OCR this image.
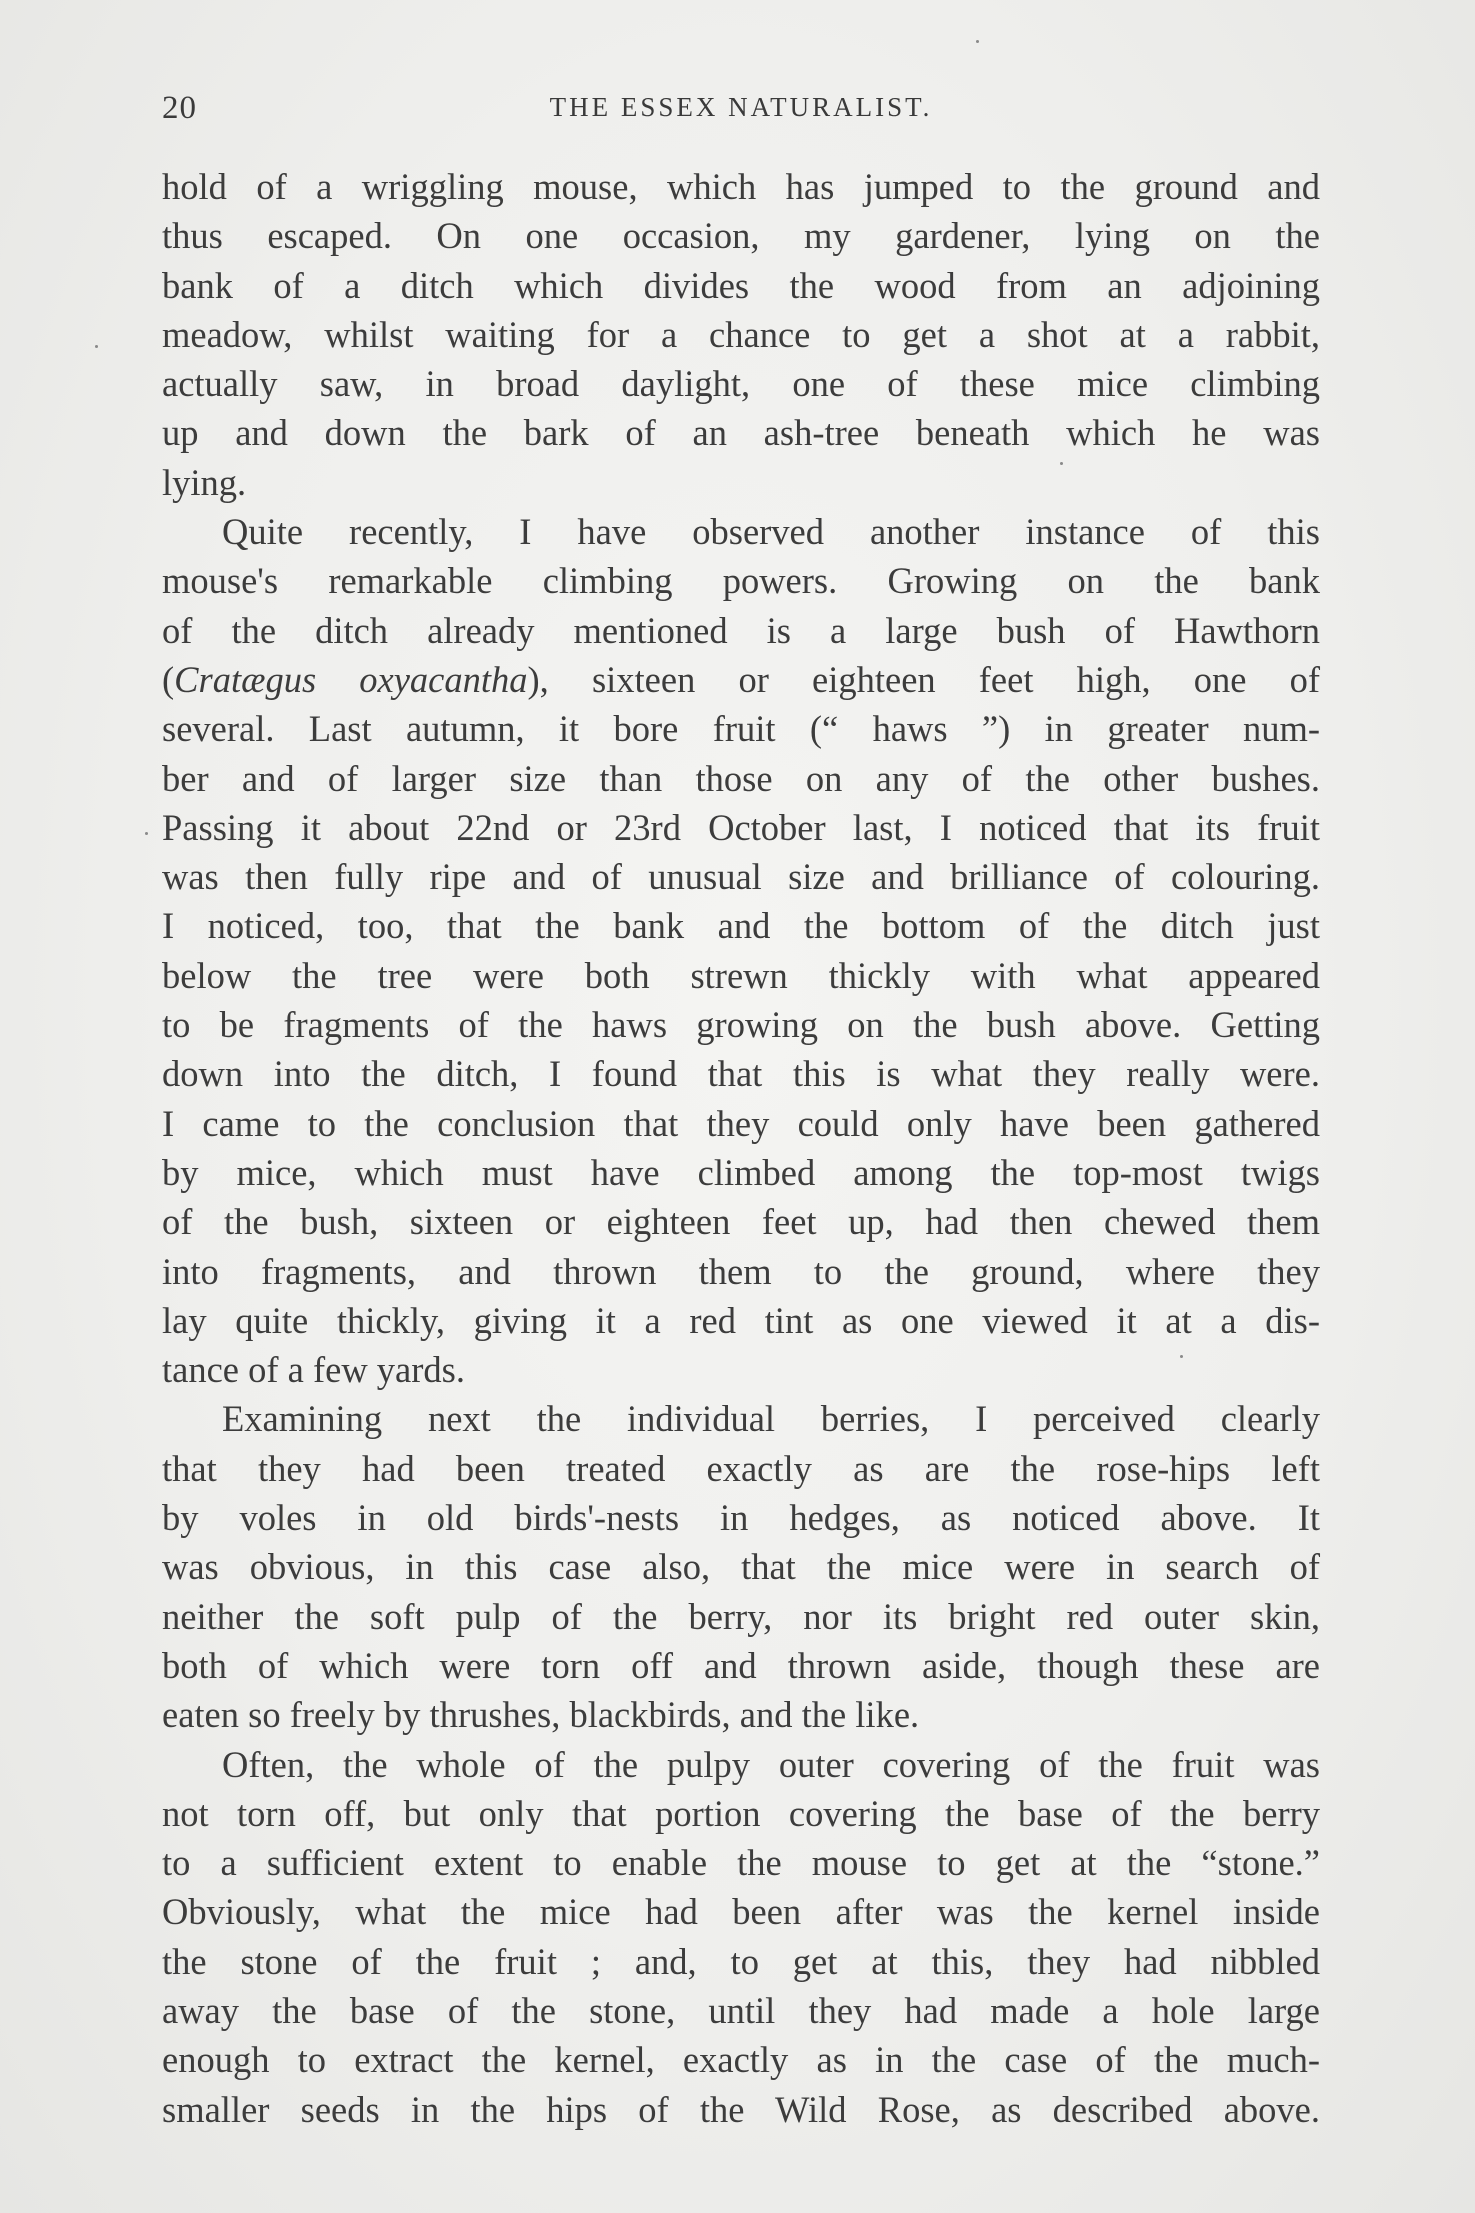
20	THE ESSEX NATURALIST.

hold of a wriggling mouse, which has jumped to the ground and

thus escaped. On one occasion, my gardener, lying on the

bank of a ditch which divides the wood from an adjoining

meadow, whilst waiting for a chance to get a shot at a rabbit,

actually saw, in broad daylight, one of these mice climbing

up and down the bark of an ash-tree beneath which he was

lying.

Quite recently, I have observed another instance of this

mouse's remarkable climbing powers. Growing on the bank

of the ditch already mentioned is a large bush of Hawthorn

(Cratægus oxyacantha), sixteen or eighteen feet high, one of

several. Last autumn, it bore fruit (“ haws ”) in greater num-

ber and of larger size than those on any of the other bushes.

Passing it about 22nd or 23rd October last, I noticed that its fruit

was then fully ripe and of unusual size and brilliance of colouring.

I noticed, too, that the bank and the bottom of the ditch just

below the tree were both strewn thickly with what appeared

to be fragments of the haws growing on the bush above. Getting

down into the ditch, I found that this is what they really were.

I came to the conclusion that they could only have been gathered

by mice, which must have climbed among the top-most twigs

of the bush, sixteen or eighteen feet up, had then chewed them

into fragments, and thrown them to the ground, where they

lay quite thickly, giving it a red tint as one viewed it at a dis-

tance of a few yards.

Examining next the individual berries, I perceived clearly

that they had been treated exactly as are the rose-hips left

by voles in old birds'-nests in hedges, as noticed above. It

was obvious, in this case also, that the mice were in search of

neither the soft pulp of the berry, nor its bright red outer skin,

both of which were torn off and thrown aside, though these are

eaten so freely by thrushes, blackbirds, and the like.

Often, the whole of the pulpy outer covering of the fruit was

not torn off, but only that portion covering the base of the berry

to a sufficient extent to enable the mouse to get at the “stone.”

Obviously, what the mice had been after was the kernel inside

the stone of the fruit ; and, to get at this, they had nibbled

away the base of the stone, until they had made a hole large

enough to extract the kernel, exactly as in the case of the much-

smaller seeds in the hips of the Wild Rose, as described above.
